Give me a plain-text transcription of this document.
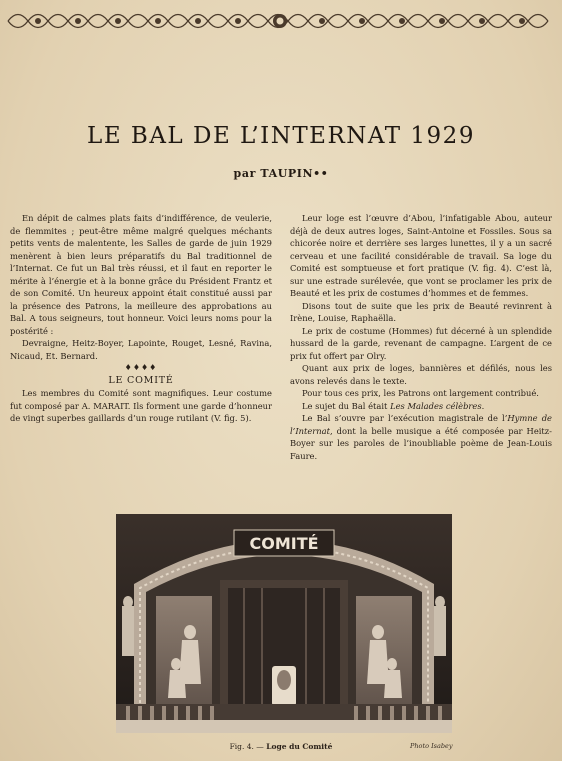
LE BAL DE L’INTERNAT 1929
par TAUPIN••

En dépit de calmes plats faits d’indifférence, de veulerie, de flemmites ; peut-être même malgré quelques méchants petits vents de malentente, les Salles de garde de juin 1929 menèrent à bien leurs préparatifs du Bal traditionnel de l’Internat. Ce fut un Bal très réussi, et il faut en reporter le mérite à l’énergie et à la bonne grâce du Président Frantz et de son Comité. Un heureux appoint était constitué aussi par la présence des Patrons, la meilleure des approbations au Bal. A tous seigneurs, tout honneur. Voici leurs noms pour la postérité :

Devraigne, Heitz-Boyer, Lapointe, Rouget, Lesné, Ravina, Nicaud, Et. Bernard.

♦♦♦♦

LE COMITÉ

Les membres du Comité sont magnifiques. Leur costume fut composé par A. MARAIT. Ils forment une garde d’honneur de vingt superbes gaillards d’un rouge rutilant (V. fig. 5).

Leur loge est l’œuvre d’Abou, l’infatigable Abou, auteur déjà de deux autres loges, Saint-Antoine et Fossiles. Sous sa chicorée noire et derrière ses larges lunettes, il y a un sacré cerveau et une facilité considérable de travail. Sa loge du Comité est somptueuse et fort pratique (V. fig. 4). C’est là, sur une estrade surélevée, que vont se proclamer les prix de Beauté et les prix de costumes d’hommes et de femmes.

Disons tout de suite que les prix de Beauté revinrent à Irène, Louise, Raphaëlla.

Le prix de costume (Hommes) fut décerné à un splendide hussard de la garde, revenant de campagne. L’argent de ce prix fut offert par Olry.

Quant aux prix de loges, bannières et défilés, nous les avons relevés dans le texte.

Pour tous ces prix, les Patrons ont largement contribué.

Le sujet du Bal était Les Malades célèbres.

Le Bal s’ouvre par l’exécution magistrale de l’Hymne de l’Internat, dont la belle musique a été composée par Heitz-Boyer sur les paroles de l’inoubliable poème de Jean-Louis Faure.

COMITÉ
Fig. 4. — Loge du Comité	Photo Isabey
